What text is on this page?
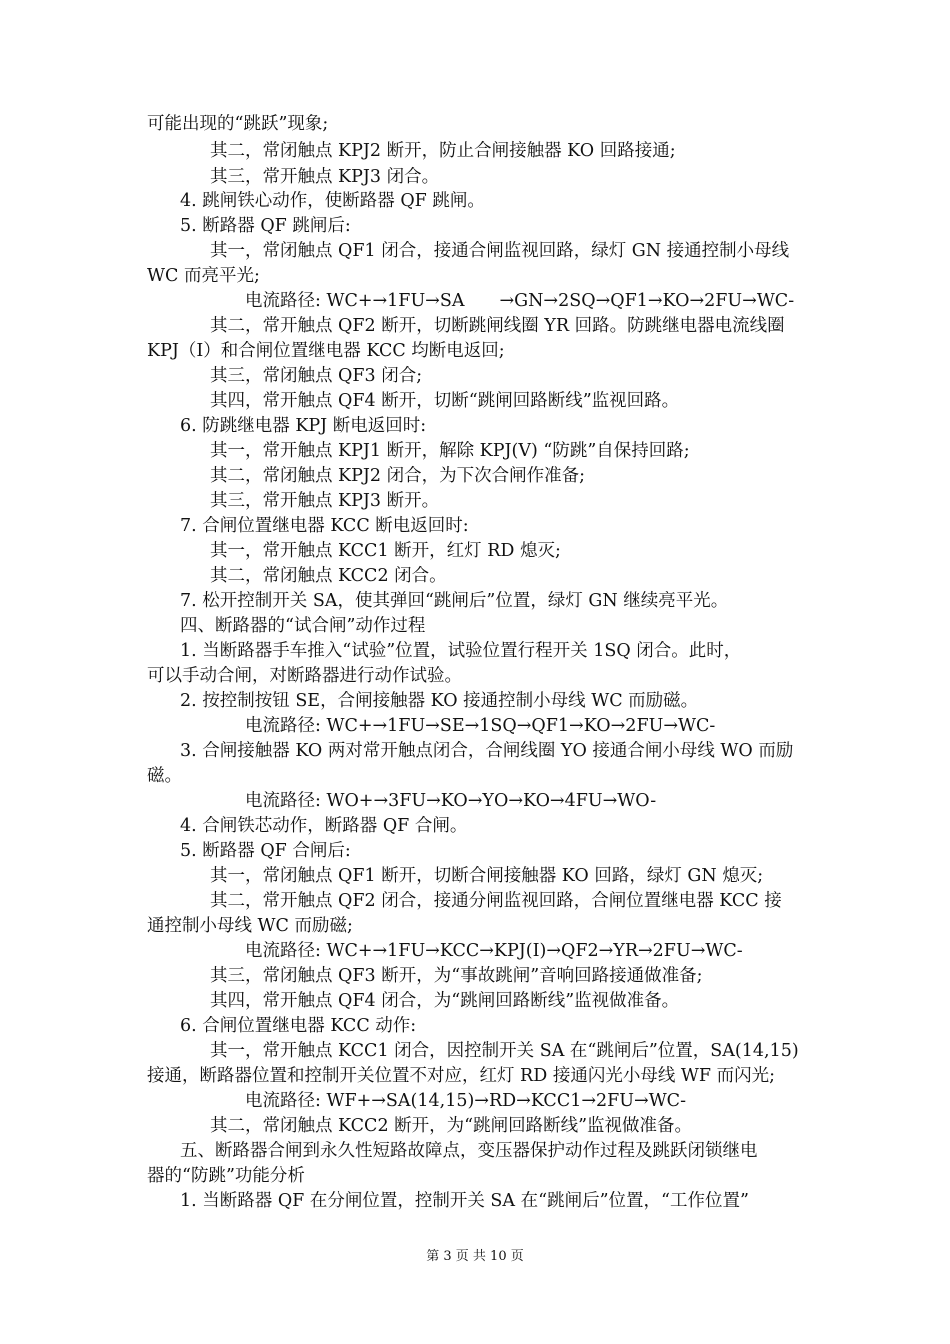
可能出现的“跳跃”现象;
其二，常闭触点 KPJ2 断开，防止合闸接触器 KO 回路接通;
其三，常开触点 KPJ3 闭合。
4. 跳闸铁心动作，使断路器 QF 跳闸。
5. 断路器 QF 跳闸后:
其一，常闭触点 QF1 闭合，接通合闸监视回路，绿灯 GN 接通控制小母线
WC 而亮平光;
电流路径: WC+→1FU→SA　　→GN→2SQ→QF1→KO→2FU→WC-
其二，常开触点 QF2 断开，切断跳闸线圈 YR 回路。防跳继电器电流线圈
KPJ（I）和合闸位置继电器 KCC 均断电返回;
其三，常闭触点 QF3 闭合;
其四，常开触点 QF4 断开，切断“跳闸回路断线”监视回路。
6. 防跳继电器 KPJ 断电返回时:
其一，常开触点 KPJ1 断开，解除 KPJ(V) “防跳”自保持回路;
其二，常闭触点 KPJ2 闭合，为下次合闸作准备;
其三，常开触点 KPJ3 断开。
7. 合闸位置继电器 KCC 断电返回时:
其一，常开触点 KCC1 断开，红灯 RD 熄灭;
其二，常闭触点 KCC2 闭合。
7. 松开控制开关 SA，使其弹回“跳闸后”位置，绿灯 GN 继续亮平光。
四、断路器的“试合闸”动作过程
1. 当断路器手车推入“试验”位置，试验位置行程开关 1SQ 闭合。此时，
可以手动合闸，对断路器进行动作试验。
2. 按控制按钮 SE，合闸接触器 KO 接通控制小母线 WC 而励磁。
电流路径: WC+→1FU→SE→1SQ→QF1→KO→2FU→WC-
3. 合闸接触器 KO 两对常开触点闭合，合闸线圈 YO 接通合闸小母线 WO 而励
磁。
电流路径: WO+→3FU→KO→YO→KO→4FU→WO-
4. 合闸铁芯动作，断路器 QF 合闸。
5. 断路器 QF 合闸后:
其一，常闭触点 QF1 断开，切断合闸接触器 KO 回路，绿灯 GN 熄灭;
其二，常开触点 QF2 闭合，接通分闸监视回路，合闸位置继电器 KCC 接
通控制小母线 WC 而励磁;
电流路径: WC+→1FU→KCC→KPJ(I)→QF2→YR→2FU→WC-
其三，常闭触点 QF3 断开，为“事故跳闸”音响回路接通做准备;
其四，常开触点 QF4 闭合，为“跳闸回路断线”监视做准备。
6. 合闸位置继电器 KCC 动作:
其一，常开触点 KCC1 闭合，因控制开关 SA 在“跳闸后”位置，SA(14,15)
接通，断路器位置和控制开关位置不对应，红灯 RD 接通闪光小母线 WF 而闪光;
电流路径: WF+→SA(14,15)→RD→KCC1→2FU→WC-
其二，常闭触点 KCC2 断开，为“跳闸回路断线”监视做准备。
五、断路器合闸到永久性短路故障点，变压器保护动作过程及跳跃闭锁继电
器的“防跳”功能分析
1. 当断路器 QF 在分闸位置，控制开关 SA 在“跳闸后”位置，“工作位置”
第 3 页 共 10 页
